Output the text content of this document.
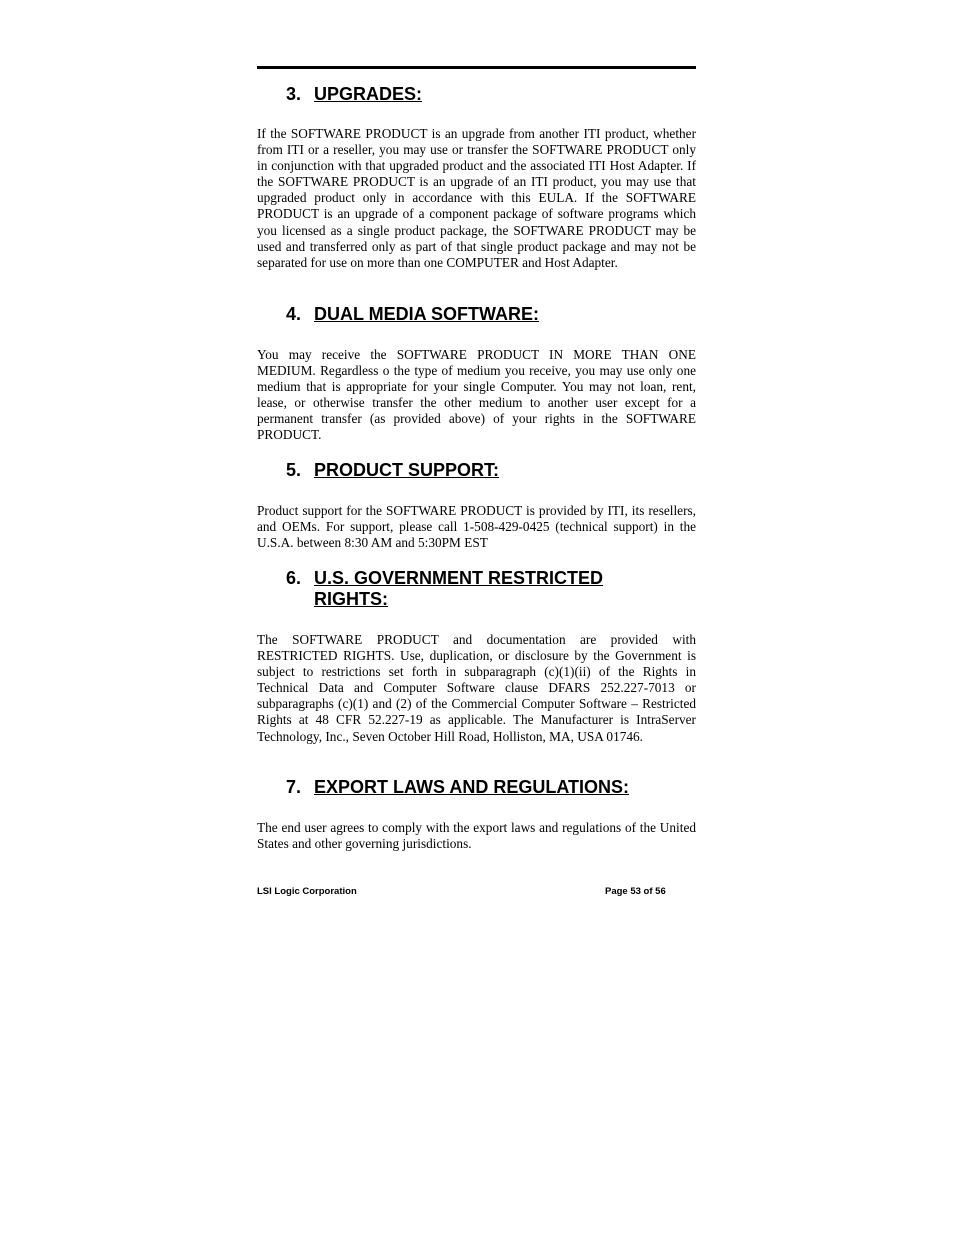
3. UPGRADES:

If the SOFTWARE PRODUCT is an upgrade from another ITI product, whether from ITI or a reseller, you may use or transfer the SOFTWARE PRODUCT only in conjunction with that upgraded product and the associated ITI Host Adapter. If the SOFTWARE PRODUCT is an upgrade of an ITI product, you may use that upgraded product only in accordance with this EULA. If the SOFTWARE PRODUCT is an upgrade of a component package of software programs which you licensed as a single product package, the SOFTWARE PRODUCT may be used and transferred only as part of that single product package and may not be separated for use on more than one COMPUTER and Host Adapter.

4. DUAL MEDIA SOFTWARE:

You may receive the SOFTWARE PRODUCT IN MORE THAN ONE MEDIUM. Regardless o the type of medium you receive, you may use only one medium that is appropriate for your single Computer. You may not loan, rent, lease, or otherwise transfer the other medium to another user except for a permanent transfer (as provided above) of your rights in the SOFTWARE PRODUCT.

5. PRODUCT SUPPORT:

Product support for the SOFTWARE PRODUCT is provided by ITI, its resellers, and OEMs. For support, please call 1-508-429-0425 (technical support) in the U.S.A. between 8:30 AM and 5:30PM EST

6. U.S. GOVERNMENT RESTRICTED RIGHTS:

The SOFTWARE PRODUCT and documentation are provided with RESTRICTED RIGHTS. Use, duplication, or disclosure by the Government is subject to restrictions set forth in subparagraph (c)(1)(ii) of the Rights in Technical Data and Computer Software clause DFARS 252.227-7013 or subparagraphs (c)(1) and (2) of the Commercial Computer Software – Restricted Rights at 48 CFR 52.227-19 as applicable. The Manufacturer is IntraServer Technology, Inc., Seven October Hill Road, Holliston, MA, USA 01746.

7. EXPORT LAWS AND REGULATIONS:

The end user agrees to comply with the export laws and regulations of the United States and other governing jurisdictions.

LSI Logic Corporation	Page 53 of 56
